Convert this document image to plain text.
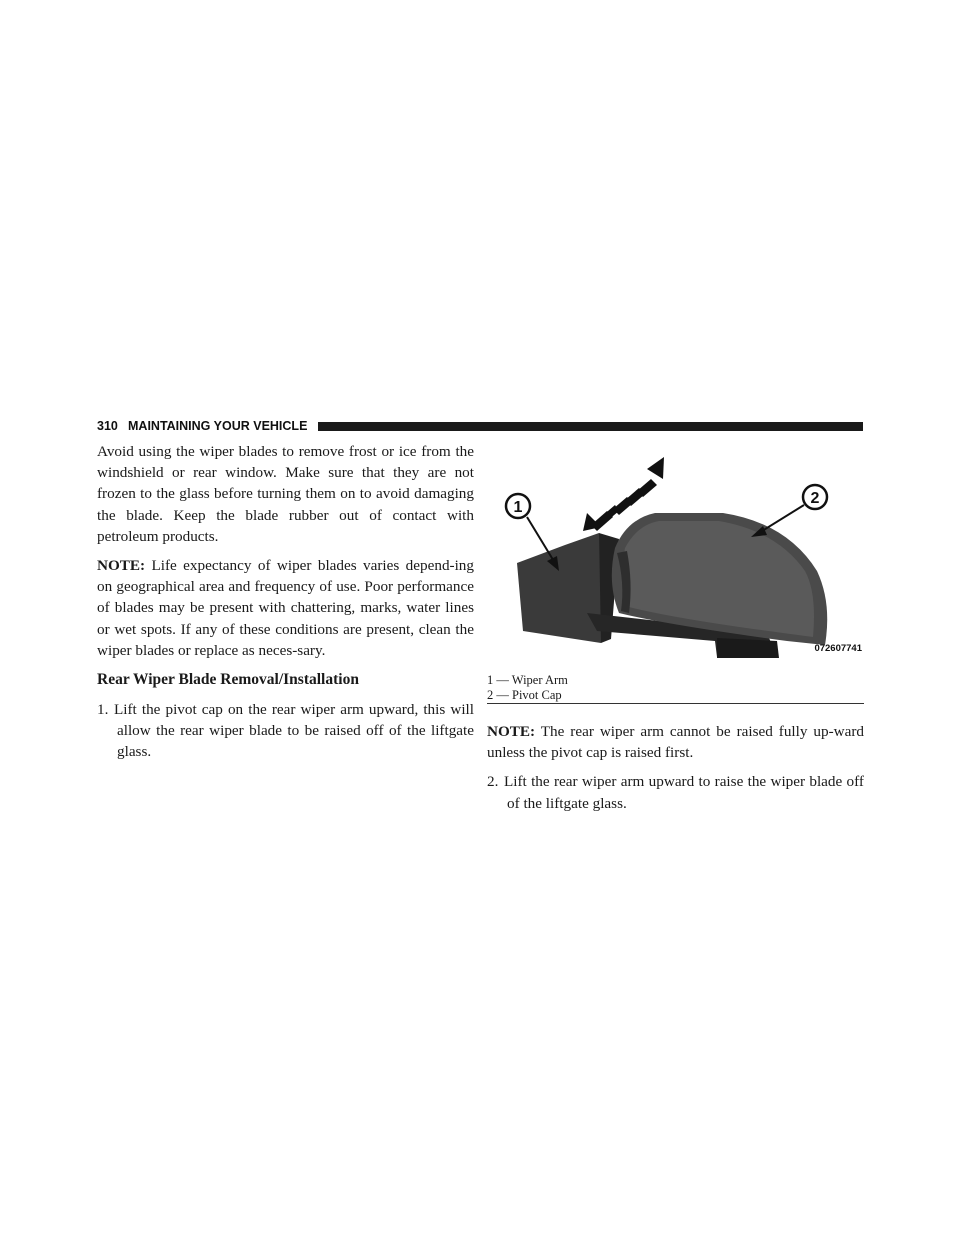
310 MAINTAINING YOUR VEHICLE

Avoid using the wiper blades to remove frost or ice from the windshield or rear window. Make sure that they are not frozen to the glass before turning them on to avoid damaging the blade. Keep the blade rubber out of contact with petroleum products.

NOTE: Life expectancy of wiper blades varies depend-ing on geographical area and frequency of use. Poor performance of blades may be present with chattering, marks, water lines or wet spots. If any of these conditions are present, clean the wiper blades or replace as neces-sary.

Rear Wiper Blade Removal/Installation

1. Lift the pivot cap on the rear wiper arm upward, this will allow the rear wiper blade to be raised off of the liftgate glass.

1
2
072607741
1 — Wiper Arm
2 — Pivot Cap

NOTE: The rear wiper arm cannot be raised fully up-ward unless the pivot cap is raised first.

2. Lift the rear wiper arm upward to raise the wiper blade off of the liftgate glass.
